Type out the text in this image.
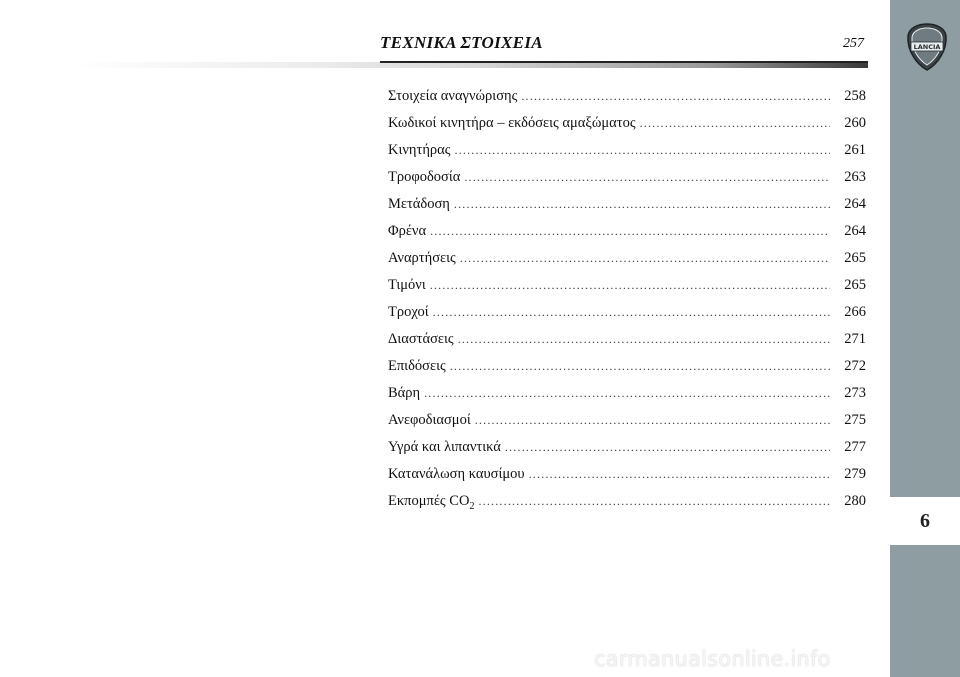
ΤΕΧΝΙΚΑ ΣΤΟΙΧΕΙΑ	257	LANCIA
6
Στοιχεία αναγνώρισης .....	258
Κωδικοί κινητήρα – εκδόσεις αμαξώματος .....	260
Κινητήρας .....	261
Τροφοδοσία .....	263
Μετάδοση .....	264
Φρένα .....	264
Αναρτήσεις .....	265
Τιμόνι .....	265
Τροχοί .....	266
Διαστάσεις .....	271
Επιδόσεις .....	272
Βάρη .....	273
Ανεφοδιασμοί .....	275
Υγρά και λιπαντικά .....	277
Κατανάλωση καυσίμου .....	279
Εκπομπές $CO_2$ .....	280
carmanualsonline.info
